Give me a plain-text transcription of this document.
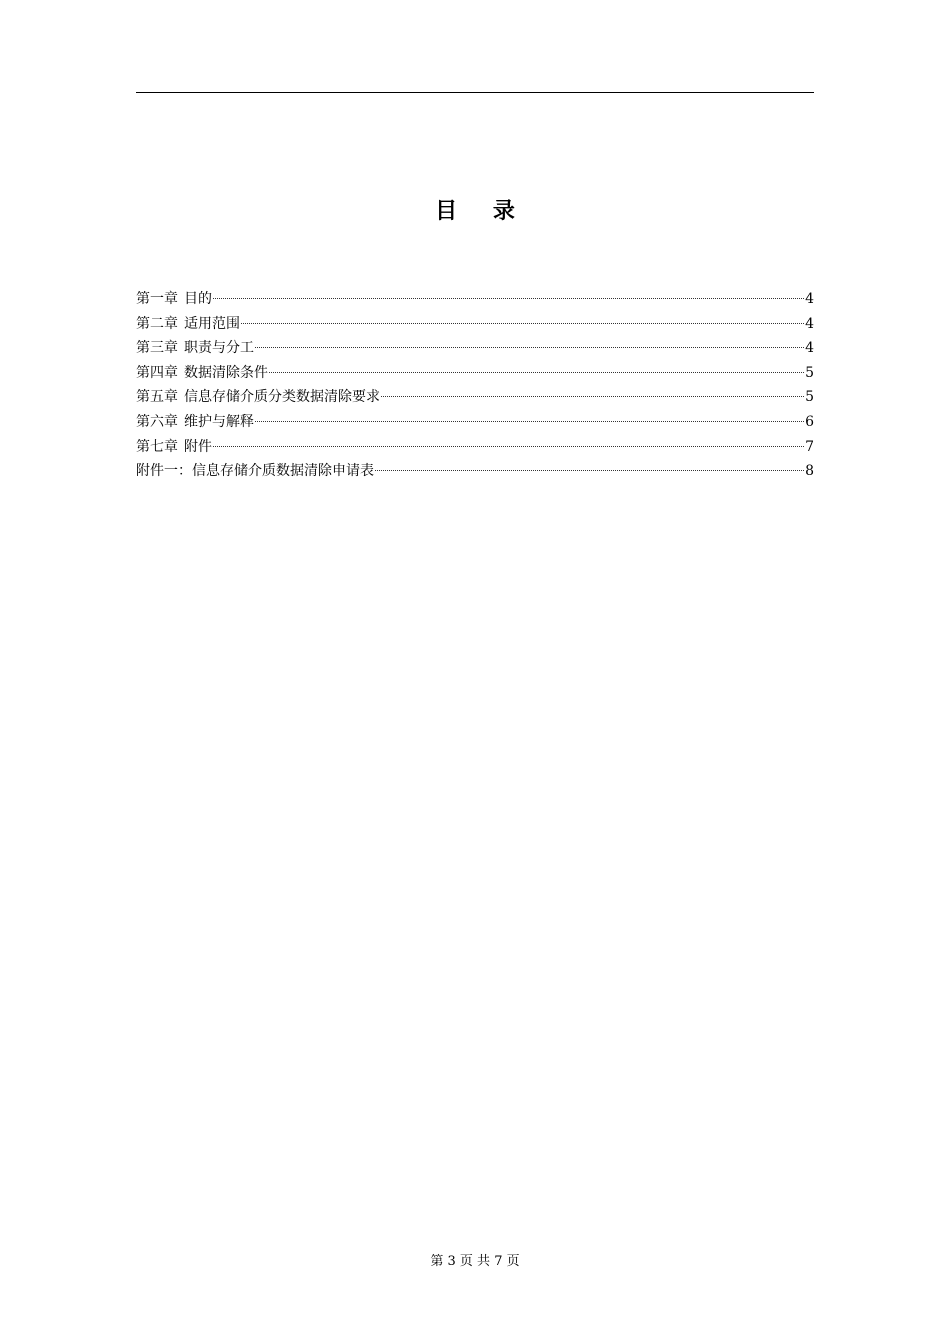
目 录
第一章 目的	4
第二章 适用范围	4
第三章 职责与分工	4
第四章 数据清除条件	5
第五章 信息存储介质分类数据清除要求	5
第六章 维护与解释	6
第七章 附件	7
附件一：信息存储介质数据清除申请表	8
第 3 页 共 7 页
